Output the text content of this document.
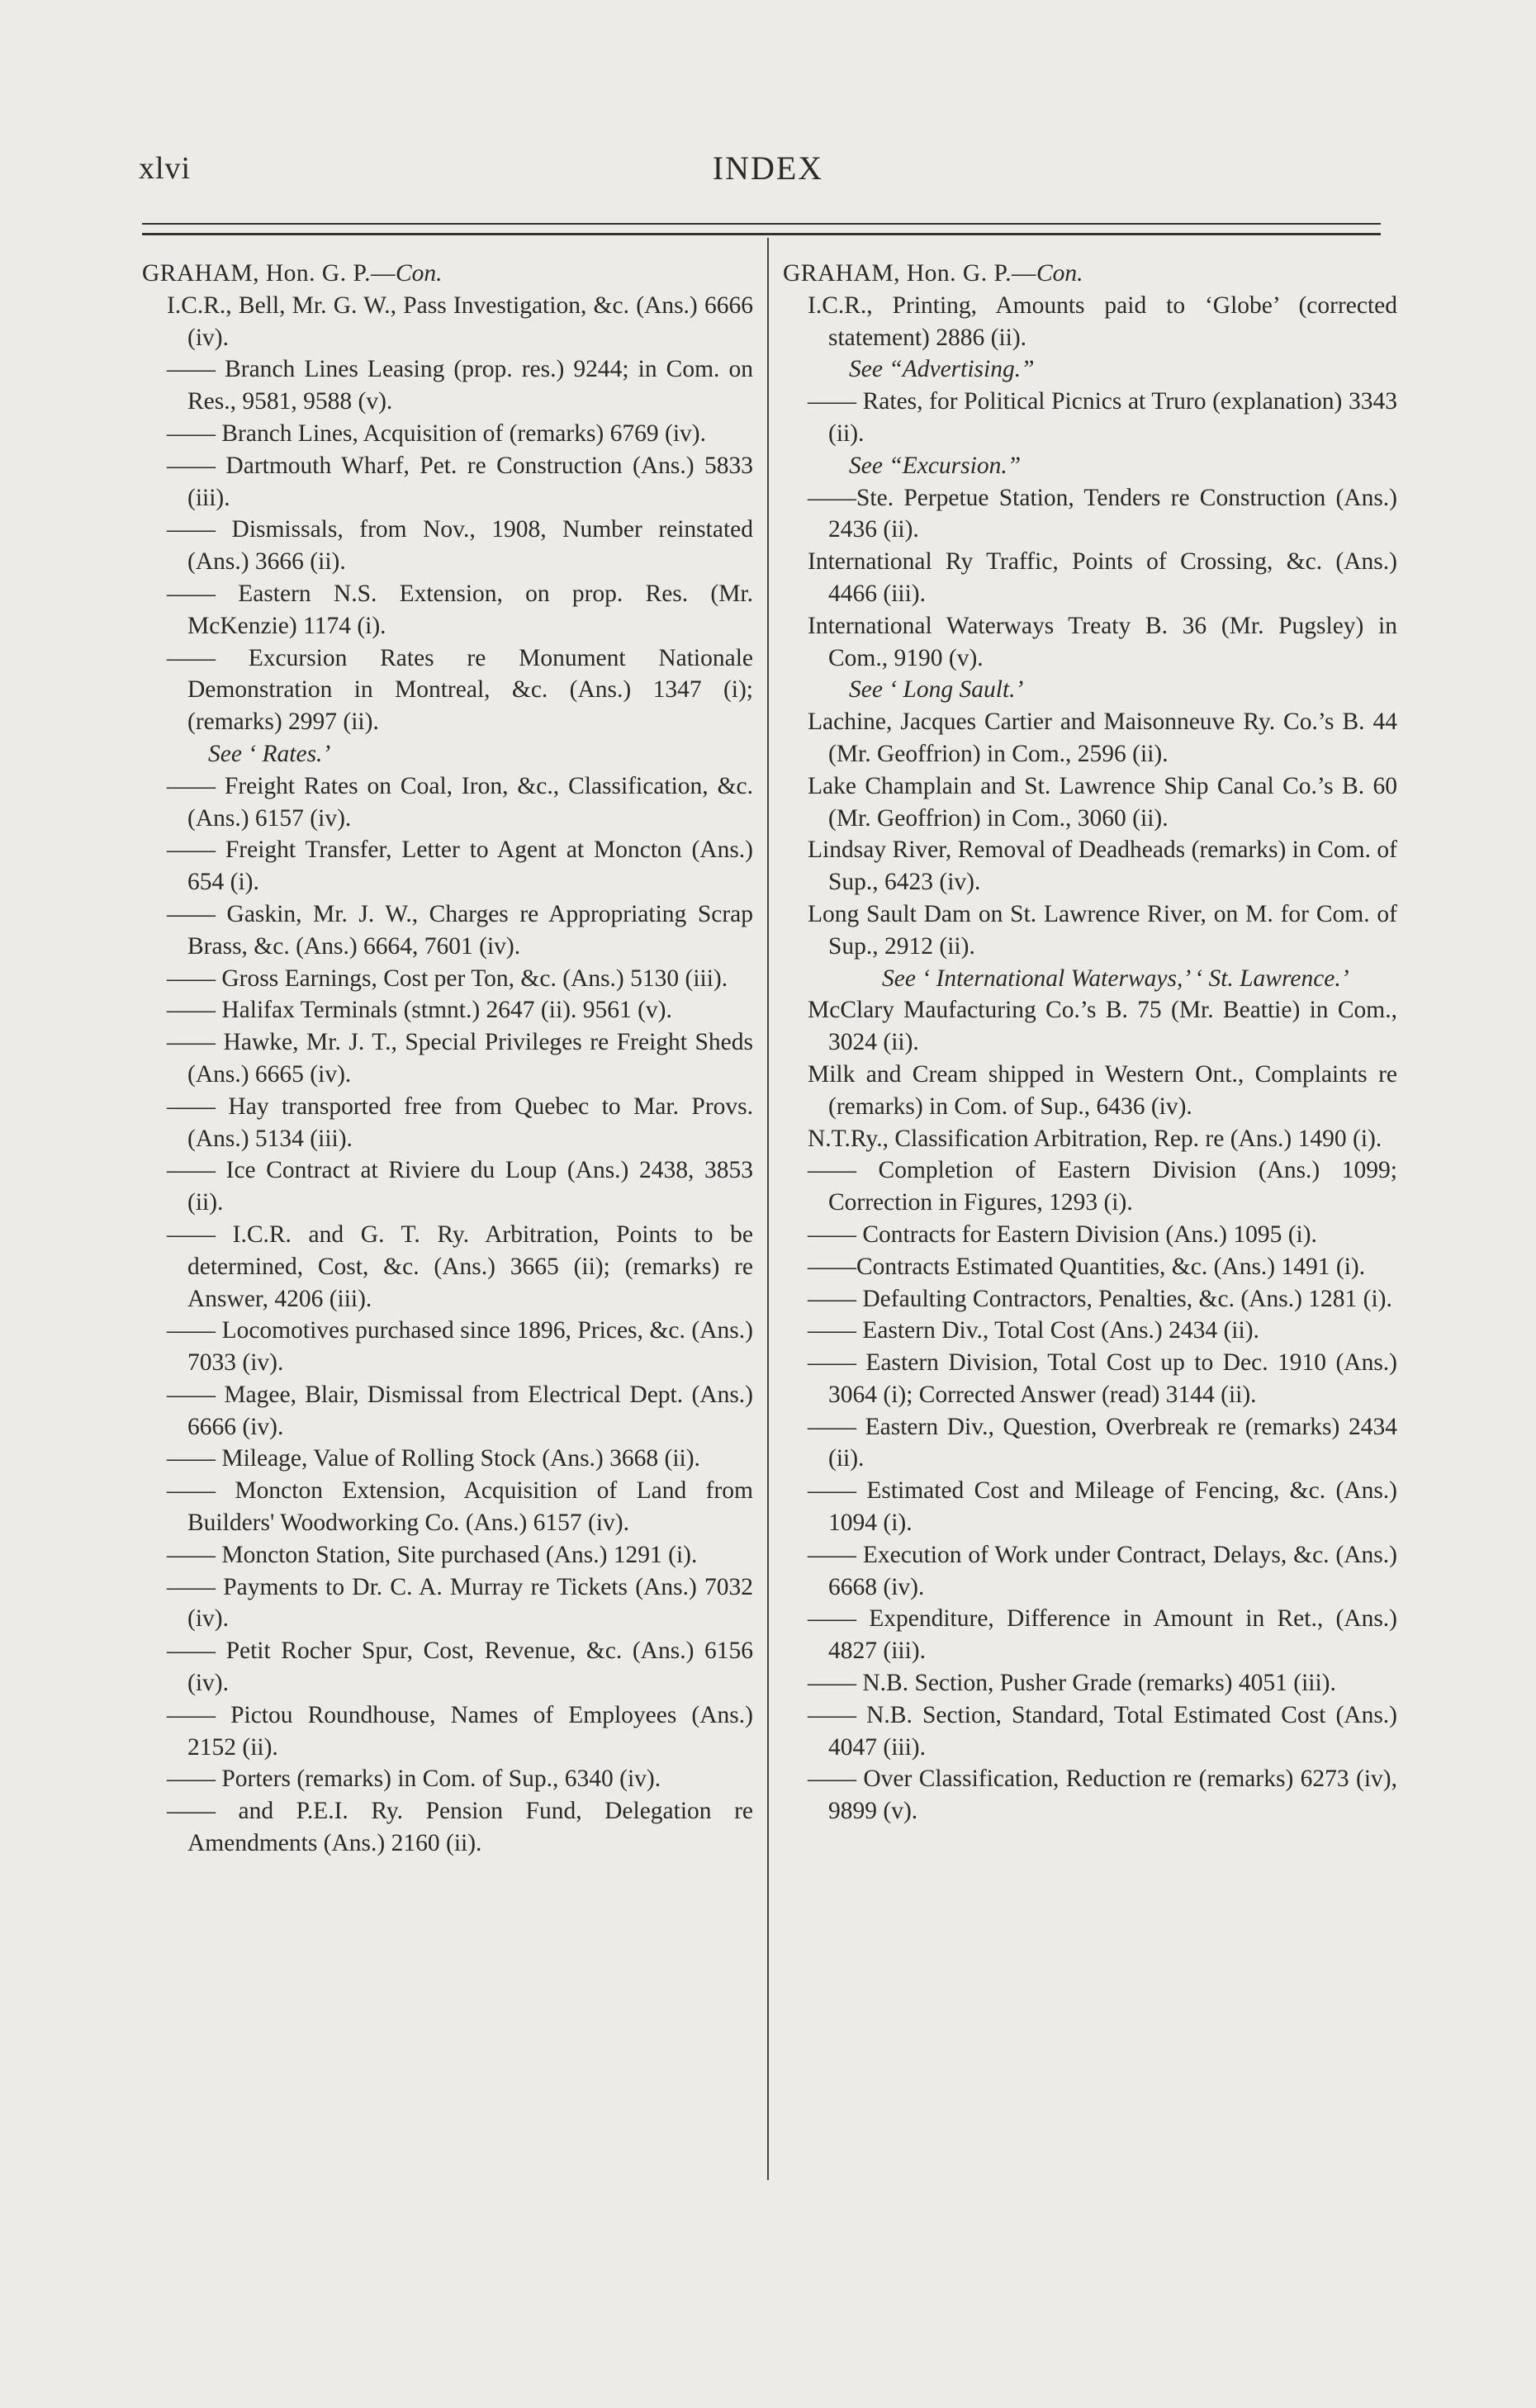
xlvi	INDEX

GRAHAM, Hon. G. P.—Con.

I.C.R., Bell, Mr. G. W., Pass Investigation, &c. (Ans.) 6666 (iv).

—— Branch Lines Leasing (prop. res.) 9244; in Com. on Res., 9581, 9588 (v).

—— Branch Lines, Acquisition of (remarks) 6769 (iv).

—— Dartmouth Wharf, Pet. re Construction (Ans.) 5833 (iii).

—— Dismissals, from Nov., 1908, Number reinstated (Ans.) 3666 (ii).

—— Eastern N.S. Extension, on prop. Res. (Mr. McKenzie) 1174 (i).

—— Excursion Rates re Monument Nationale Demonstration in Montreal, &c. (Ans.) 1347 (i); (remarks) 2997 (ii).

See ‘ Rates.’

—— Freight Rates on Coal, Iron, &c., Classification, &c. (Ans.) 6157 (iv).

—— Freight Transfer, Letter to Agent at Moncton (Ans.) 654 (i).

—— Gaskin, Mr. J. W., Charges re Appropriating Scrap Brass, &c. (Ans.) 6664, 7601 (iv).

—— Gross Earnings, Cost per Ton, &c. (Ans.) 5130 (iii).

—— Halifax Terminals (stmnt.) 2647 (ii). 9561 (v).

—— Hawke, Mr. J. T., Special Privileges re Freight Sheds (Ans.) 6665 (iv).

—— Hay transported free from Quebec to Mar. Provs. (Ans.) 5134 (iii).

—— Ice Contract at Riviere du Loup (Ans.) 2438, 3853 (ii).

—— I.C.R. and G. T. Ry. Arbitration, Points to be determined, Cost, &c. (Ans.) 3665 (ii); (remarks) re Answer, 4206 (iii).

—— Locomotives purchased since 1896, Prices, &c. (Ans.) 7033 (iv).

—— Magee, Blair, Dismissal from Electrical Dept. (Ans.) 6666 (iv).

—— Mileage, Value of Rolling Stock (Ans.) 3668 (ii).

—— Moncton Extension, Acquisition of Land from Builders' Woodworking Co. (Ans.) 6157 (iv).

—— Moncton Station, Site purchased (Ans.) 1291 (i).

—— Payments to Dr. C. A. Murray re Tickets (Ans.) 7032 (iv).

—— Petit Rocher Spur, Cost, Revenue, &c. (Ans.) 6156 (iv).

—— Pictou Roundhouse, Names of Employees (Ans.) 2152 (ii).

—— Porters (remarks) in Com. of Sup., 6340 (iv).

—— and P.E.I. Ry. Pension Fund, Delegation re Amendments (Ans.) 2160 (ii).

GRAHAM, Hon. G. P.—Con.

I.C.R., Printing, Amounts paid to ‘Globe’ (corrected statement) 2886 (ii).

See “Advertising.”

—— Rates, for Political Picnics at Truro (explanation) 3343 (ii).

See “Excursion.”

——Ste. Perpetue Station, Tenders re Construction (Ans.) 2436 (ii).

International Ry Traffic, Points of Crossing, &c. (Ans.) 4466 (iii).

International Waterways Treaty B. 36 (Mr. Pugsley) in Com., 9190 (v).

See ‘ Long Sault.’

Lachine, Jacques Cartier and Maisonneuve Ry. Co.’s B. 44 (Mr. Geoffrion) in Com., 2596 (ii).

Lake Champlain and St. Lawrence Ship Canal Co.’s B. 60 (Mr. Geoffrion) in Com., 3060 (ii).

Lindsay River, Removal of Deadheads (remarks) in Com. of Sup., 6423 (iv).

Long Sault Dam on St. Lawrence River, on M. for Com. of Sup., 2912 (ii).

See ‘ International Waterways,’ ‘ St. Lawrence.’

McClary Maufacturing Co.’s B. 75 (Mr. Beattie) in Com., 3024 (ii).

Milk and Cream shipped in Western Ont., Complaints re (remarks) in Com. of Sup., 6436 (iv).

N.T.Ry., Classification Arbitration, Rep. re (Ans.) 1490 (i).

—— Completion of Eastern Division (Ans.) 1099; Correction in Figures, 1293 (i).

—— Contracts for Eastern Division (Ans.) 1095 (i).

——Contracts Estimated Quantities, &c. (Ans.) 1491 (i).

—— Defaulting Contractors, Penalties, &c. (Ans.) 1281 (i).

—— Eastern Div., Total Cost (Ans.) 2434 (ii).

—— Eastern Division, Total Cost up to Dec. 1910 (Ans.) 3064 (i); Corrected Answer (read) 3144 (ii).

—— Eastern Div., Question, Overbreak re (remarks) 2434 (ii).

—— Estimated Cost and Mileage of Fencing, &c. (Ans.) 1094 (i).

—— Execution of Work under Contract, Delays, &c. (Ans.) 6668 (iv).

—— Expenditure, Difference in Amount in Ret., (Ans.) 4827 (iii).

—— N.B. Section, Pusher Grade (remarks) 4051 (iii).

—— N.B. Section, Standard, Total Estimated Cost (Ans.) 4047 (iii).

—— Over Classification, Reduction re (remarks) 6273 (iv), 9899 (v).
